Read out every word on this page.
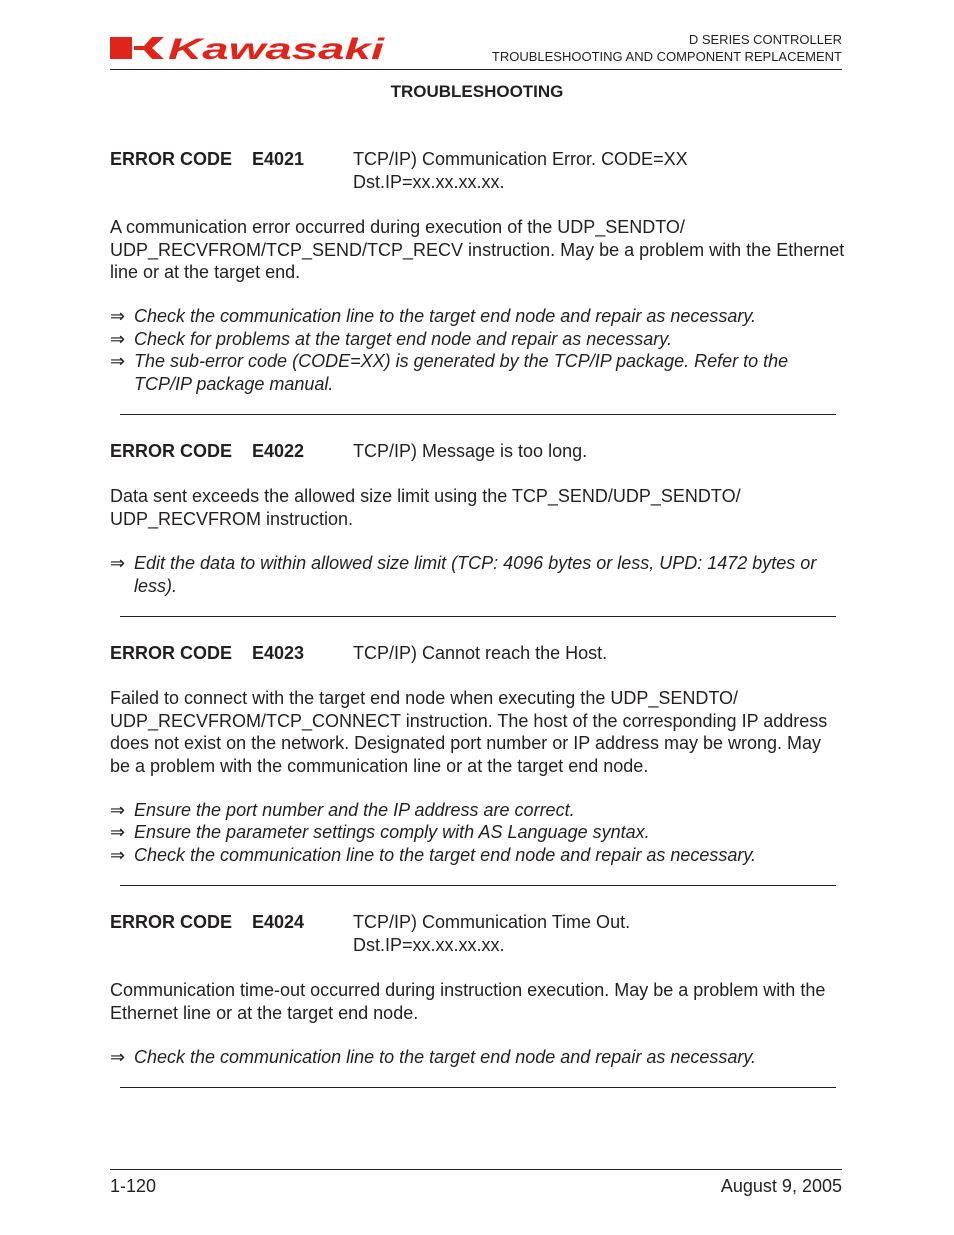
Kawasaki	D SERIES CONTROLLER
TROUBLESHOOTING AND COMPONENT REPLACEMENT
TROUBLESHOOTING
ERROR CODE E4021	TCP/IP) Communication Error. CODE=XX
Dst.IP=xx.xx.xx.xx.
A communication error occurred during execution of the UDP_SENDTO/ UDP_RECVFROM/TCP_SEND/TCP_RECV instruction. May be a problem with the Ethernet line or at the target end.
⇒ Check the communication line to the target end node and repair as necessary.
⇒ Check for problems at the target end node and repair as necessary.
⇒ The sub-error code (CODE=XX) is generated by the TCP/IP package. Refer to the TCP/IP package manual.
ERROR CODE E4022	TCP/IP) Message is too long.
Data sent exceeds the allowed size limit using the TCP_SEND/UDP_SENDTO/ UDP_RECVFROM instruction.
⇒ Edit the data to within allowed size limit (TCP: 4096 bytes or less, UPD: 1472 bytes or less).
ERROR CODE E4023	TCP/IP) Cannot reach the Host.
Failed to connect with the target end node when executing the UDP_SENDTO/ UDP_RECVFROM/TCP_CONNECT instruction. The host of the corresponding IP address does not exist on the network. Designated port number or IP address may be wrong. May be a problem with the communication line or at the target end node.
⇒ Ensure the port number and the IP address are correct.
⇒ Ensure the parameter settings comply with AS Language syntax.
⇒ Check the communication line to the target end node and repair as necessary.
ERROR CODE E4024	TCP/IP) Communication Time Out.
Dst.IP=xx.xx.xx.xx.
Communication time-out occurred during instruction execution. May be a problem with the Ethernet line or at the target end node.
⇒ Check the communication line to the target end node and repair as necessary.
1-120	August 9, 2005
